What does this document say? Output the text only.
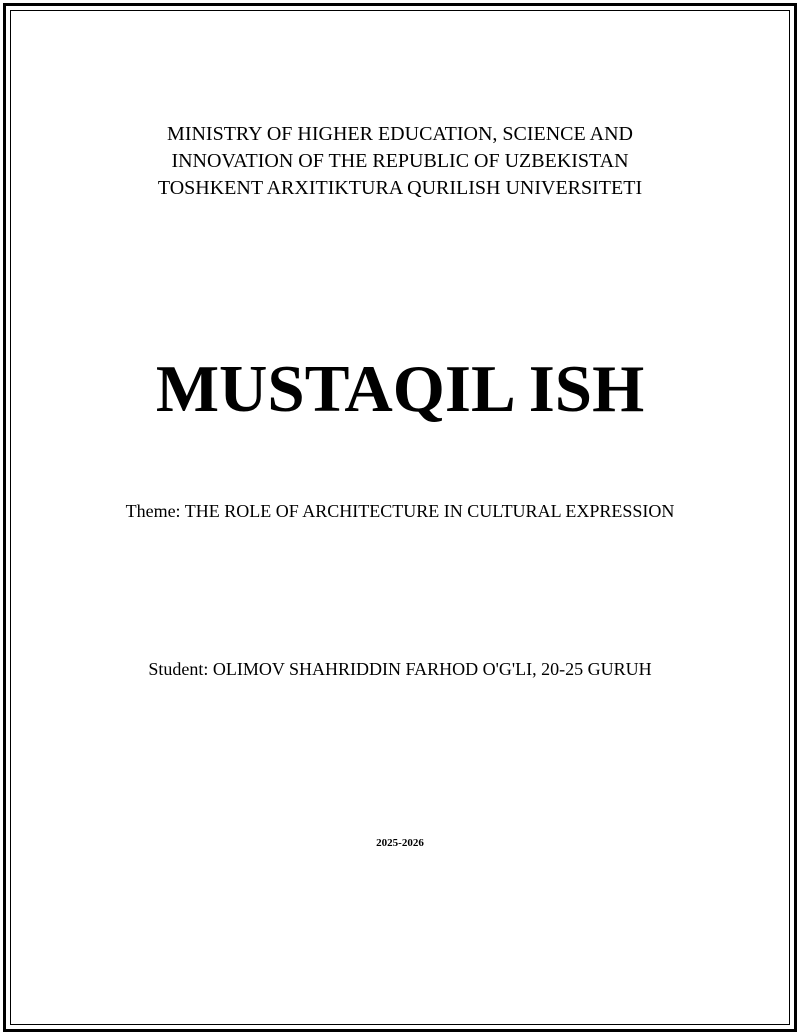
MINISTRY OF HIGHER EDUCATION, SCIENCE AND
INNOVATION OF THE REPUBLIC OF UZBEKISTAN
TOSHKENT ARXITIKTURA QURILISH UNIVERSITETI
MUSTAQIL ISH
Theme: THE ROLE OF ARCHITECTURE IN CULTURAL EXPRESSION
Student: OLIMOV SHAHRIDDIN FARHOD O'G'LI, 20-25 GURUH
2025-2026
